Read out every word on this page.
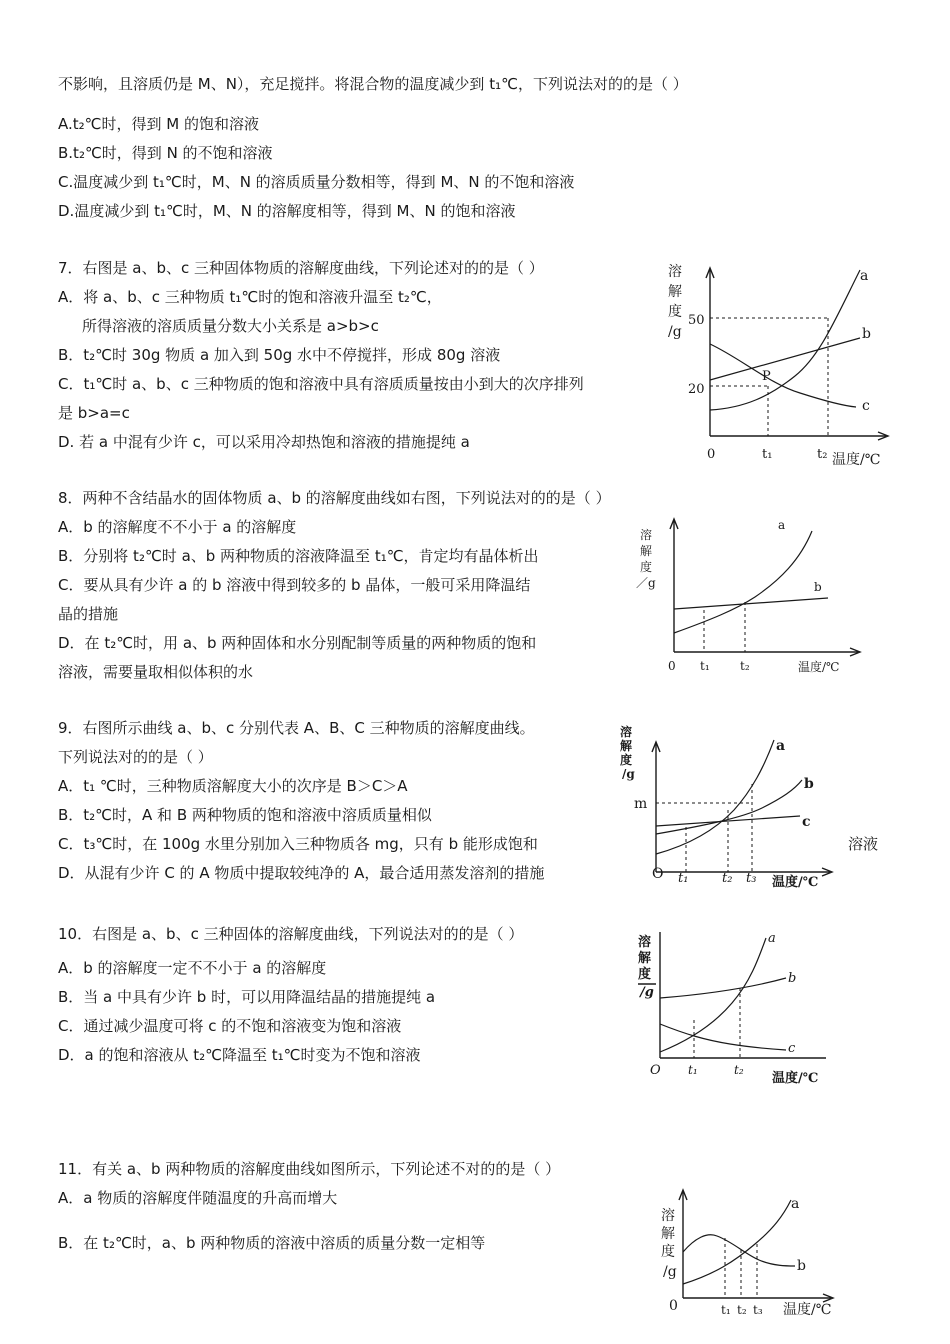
不影响，且溶质仍是 M、N），充足搅拌。将混合物的温度减少到 t₁℃，下列说法对的的是（ ）
A.t₂℃时，得到 M 的饱和溶液
B.t₂℃时，得到 N 的不饱和溶液
C.温度减少到 t₁℃时，M、N 的溶质质量分数相等，得到 M、N 的不饱和溶液
D.温度减少到 t₁℃时，M、N 的溶解度相等，得到 M、N 的饱和溶液
7．右图是 a、b、c 三种固体物质的溶解度曲线，下列论述对的的是（ ）
A．将 a、b、c 三种物质 t₁℃时的饱和溶液升温至 t₂℃，
所得溶液的溶质质量分数大小关系是 a>b>c
B．t₂℃时 30g 物质 a 加入到 50g 水中不停搅拌，形成 80g 溶液
C．t₁℃时 a、b、c 三种物质的饱和溶液中具有溶质质量按由小到大的次序排列
是 b>a=c
D. 若 a 中混有少许 c，可以采用冷却热饱和溶液的措施提纯 a
溶
解
度
/g
50
20
0	t₁	t₂ 温度/℃
a
b
c
P
8．两种不含结晶水的固体物质 a、b 的溶解度曲线如右图，下列说法对的的是（ ）
A．b 的溶解度不不小于 a 的溶解度
B．分别将 t₂℃时 a、b 两种物质的溶液降温至 t₁℃，肯定均有晶体析出
C．要从具有少许 a 的 b 溶液中得到较多的 b 晶体，一般可采用降温结
晶的措施
D．在 t₂℃时，用 a、b 两种固体和水分别配制等质量的两种物质的饱和
溶液，需要量取相似体积的水
溶
解
度
／g
0 t₁	t₂	温度/℃
a
b
9．右图所示曲线 a、b、c 分别代表 A、B、C 三种物质的溶解度曲线。
下列说法对的的是（ ）
A．t₁ ℃时，三种物质溶解度大小的次序是 B＞C＞A
B．t₂℃时，A 和 B 两种物质的饱和溶液中溶质质量相似
C．t₃℃时，在 100g 水里分别加入三种物质各 mg，只有 b 能形成饱和	溶液
D．从混有少许 C 的 A 物质中提取较纯净的 A，最合适用蒸发溶剂的措施
溶
解
度
/g
m
O t₁	t₂ t₃ 温度/℃
a
b
c
10．右图是 a、b、c 三种固体的溶解度曲线，下列说法对的的是（ ）
A．b 的溶解度一定不不小于 a 的溶解度
B．当 a 中具有少许 b 时，可以用降温结晶的措施提纯 a
C．通过减少温度可将 c 的不饱和溶液变为饱和溶液
D．a 的饱和溶液从 t₂℃降温至 t₁℃时变为不饱和溶液
溶
解
度
/g
O t₁	t₂
温度/℃
a
b
c
11．有关 a、b 两种物质的溶解度曲线如图所示，下列论述不对的的是（ ）
A．a 物质的溶解度伴随温度的升高而增大
B．在 t₂℃时，a、b 两种物质的溶液中溶质的质量分数一定相等
溶
解
度
/g
0	t₁ t₂ t₃ 温度/℃
a
b
